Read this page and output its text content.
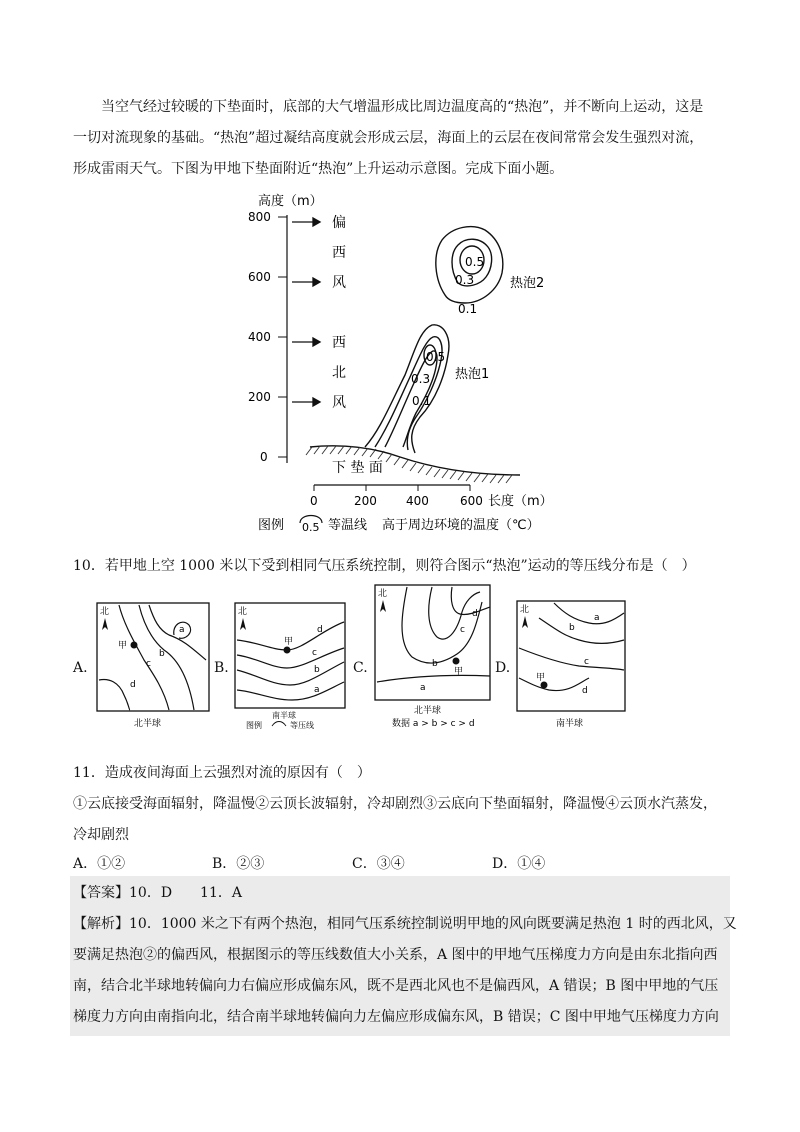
当空气经过较暖的下垫面时，底部的大气增温形成比周边温度高的“热泡”，并不断向上运动，这是
一切对流现象的基础。“热泡”超过凝结高度就会形成云层，海面上的云层在夜间常常会发生强烈对流，
形成雷雨天气。下图为甲地下垫面附近“热泡”上升运动示意图。完成下面小题。
高度（m）
800
600
400
200
0
偏
西
风
西
北
风
下 垫 面
0.5
0.3
0.1
热泡1
0.5
0.3
0.1
热泡2
0	200 400	600 长度（m）
图例 0.5 等温线 高于周边环境的温度（℃）
10．若甲地上空 1000 米以下受到相同气压系统控制，则符合图示“热泡”运动的等压线分布是（　）
A.
北
甲
a
b
c
d
北半球
B.
北
甲
d
c
b
a
南半球
图例	等压线
C.
北
甲
a
b
c
d
北半球
数据 a > b > c > d
D.
北
甲
a
b
c
d
南半球
11．造成夜间海面上云强烈对流的原因有（　）
①云底接受海面辐射，降温慢②云顶长波辐射，冷却剧烈③云底向下垫面辐射，降温慢④云顶水汽蒸发，
冷却剧烈
A．①②	B．②③	C．③④	D．①④
【答案】10．D　　11．A
【解析】10．1000 米之下有两个热泡，相同气压系统控制说明甲地的风向既要满足热泡 1 时的西北风，又
要满足热泡②的偏西风，根据图示的等压线数值大小关系，A 图中的甲地气压梯度力方向是由东北指向西
南，结合北半球地转偏向力右偏应形成偏东风，既不是西北风也不是偏西风，A 错误；B 图中甲地的气压
梯度力方向由南指向北，结合南半球地转偏向力左偏应形成偏东风，B 错误；C 图中甲地气压梯度力方向
